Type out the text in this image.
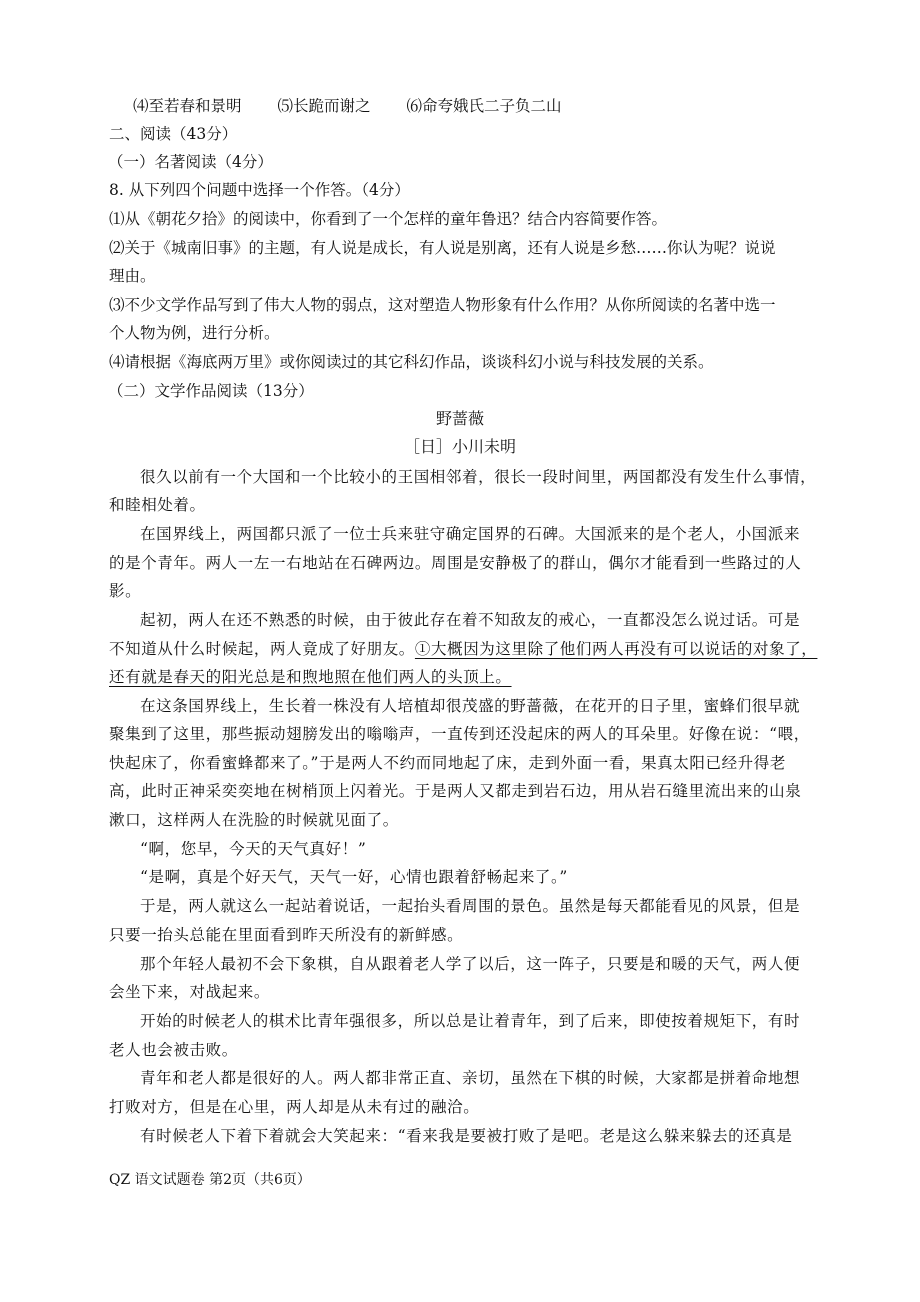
⑷至若春和景明 ⑸长跪而谢之 ⑹命夸娥氏二子负二山
二、阅读（43分）
（一）名著阅读（4分）
8. 从下列四个问题中选择一个作答。（4分）
⑴从《朝花夕拾》的阅读中，你看到了一个怎样的童年鲁迅？结合内容简要作答。
⑵关于《城南旧事》的主题，有人说是成长，有人说是别离，还有人说是乡愁……你认为呢？说说
理由。
⑶不少文学作品写到了伟大人物的弱点，这对塑造人物形象有什么作用？从你所阅读的名著中选一
个人物为例，进行分析。
⑷请根据《海底两万里》或你阅读过的其它科幻作品，谈谈科幻小说与科技发展的关系。
（二）文学作品阅读（13分）
野蔷薇
［日］小川未明
很久以前有一个大国和一个比较小的王国相邻着，很长一段时间里，两国都没有发生什么事情，
和睦相处着。
在国界线上，两国都只派了一位士兵来驻守确定国界的石碑。大国派来的是个老人，小国派来
的是个青年。两人一左一右地站在石碑两边。周围是安静极了的群山，偶尔才能看到一些路过的人
影。
起初，两人在还不熟悉的时候，由于彼此存在着不知敌友的戒心，一直都没怎么说过话。可是
不知道从什么时候起，两人竟成了好朋友。①大概因为这里除了他们两人再没有可以说话的对象了，
还有就是春天的阳光总是和煦地照在他们两人的头顶上。
在这条国界线上，生长着一株没有人培植却很茂盛的野蔷薇，在花开的日子里，蜜蜂们很早就
聚集到了这里，那些振动翅膀发出的嗡嗡声，一直传到还没起床的两人的耳朵里。好像在说：“喂，
快起床了，你看蜜蜂都来了。”于是两人不约而同地起了床，走到外面一看，果真太阳已经升得老
高，此时正神采奕奕地在树梢顶上闪着光。于是两人又都走到岩石边，用从岩石缝里流出来的山泉
漱口，这样两人在洗脸的时候就见面了。
“啊，您早，今天的天气真好！”
“是啊，真是个好天气，天气一好，心情也跟着舒畅起来了。”
于是，两人就这么一起站着说话，一起抬头看周围的景色。虽然是每天都能看见的风景，但是
只要一抬头总能在里面看到昨天所没有的新鲜感。
那个年轻人最初不会下象棋，自从跟着老人学了以后，这一阵子，只要是和暖的天气，两人便
会坐下来，对战起来。
开始的时候老人的棋术比青年强很多，所以总是让着青年，到了后来，即使按着规矩下，有时
老人也会被击败。
青年和老人都是很好的人。两人都非常正直、亲切，虽然在下棋的时候，大家都是拼着命地想
打败对方，但是在心里，两人却是从未有过的融洽。
有时候老人下着下着就会大笑起来：“看来我是要被打败了是吧。老是这么躲来躲去的还真是
QZ 语文试题卷 第2页（共6页）
